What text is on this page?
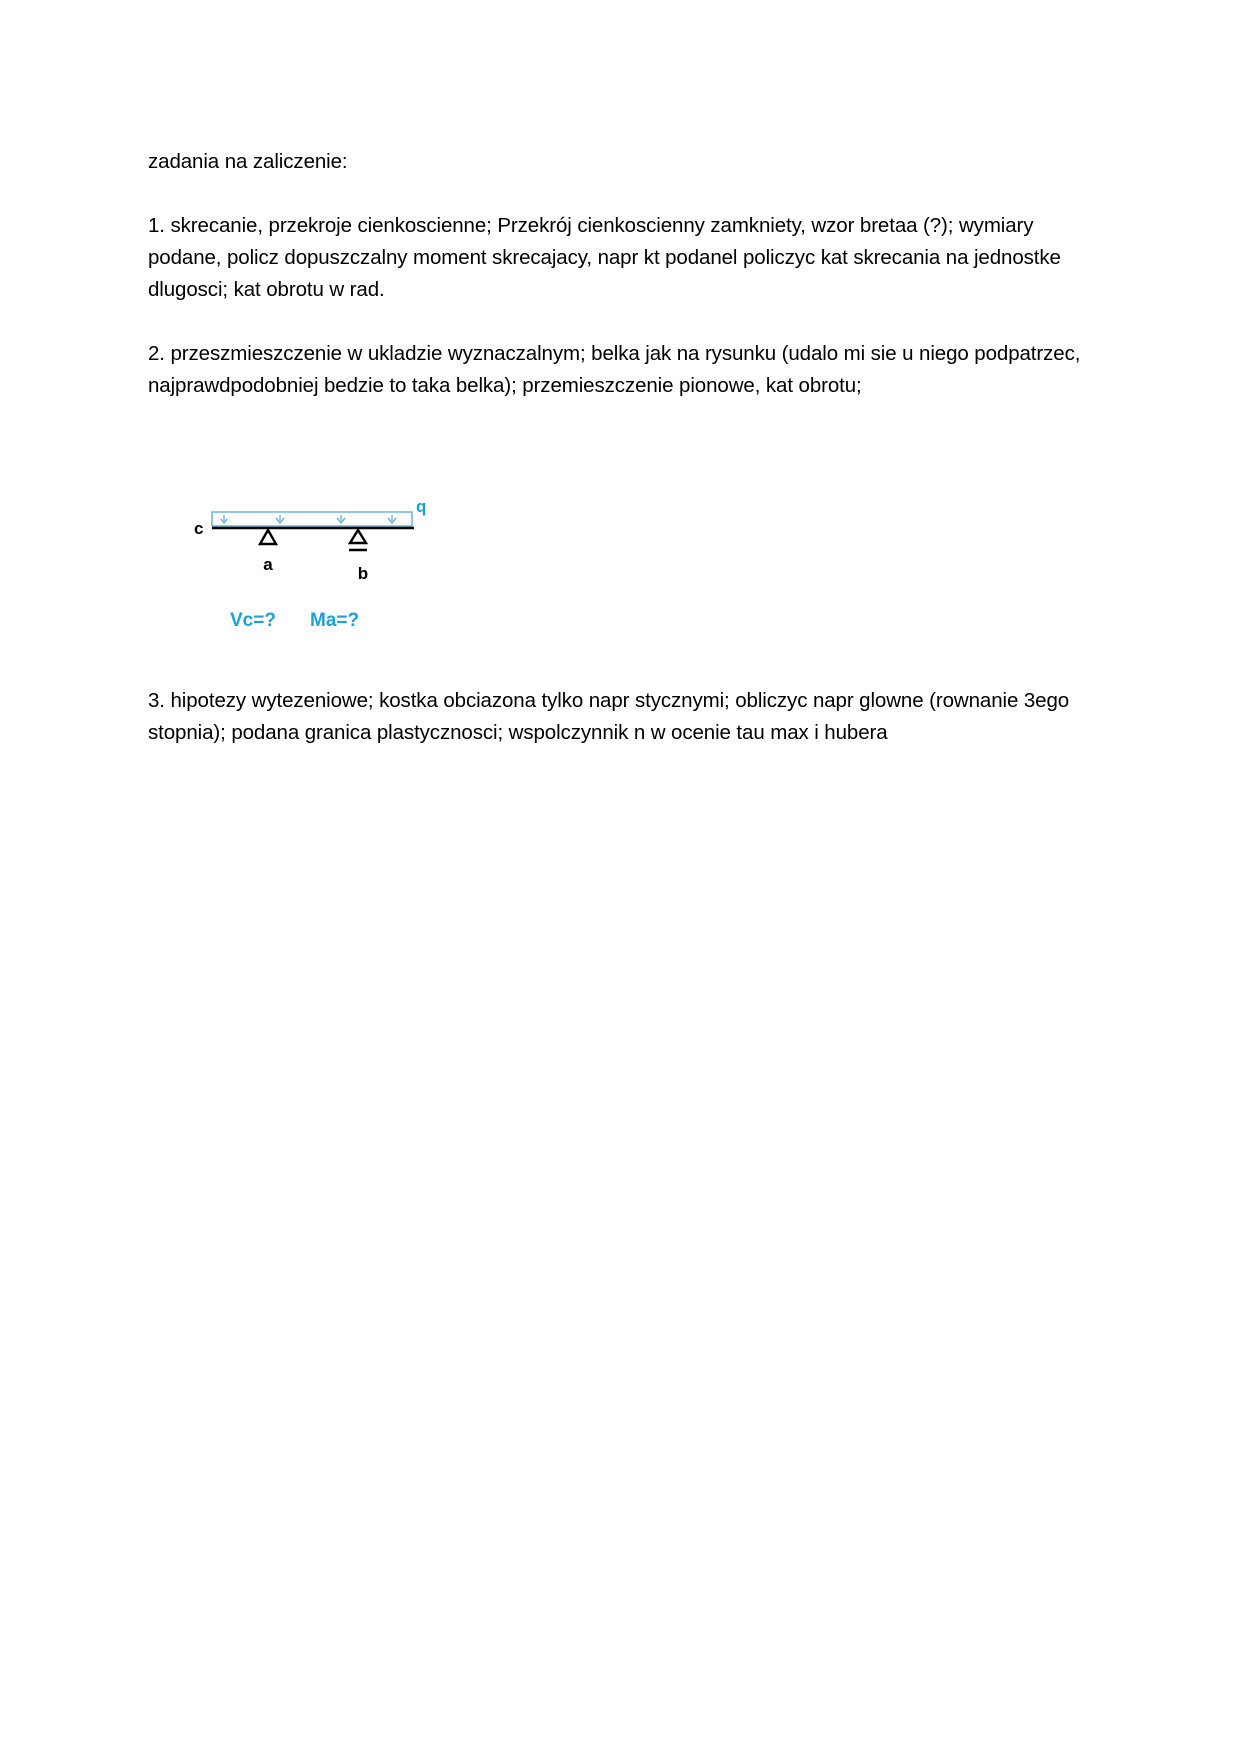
zadania na zaliczenie:

1. skrecanie, przekroje cienkoscienne; Przekrój cienkoscienny zamkniety, wzor bretaa (?); wymiary podane, policz dopuszczalny moment skrecajacy, napr kt podanel policzyc kat skrecania na jednostke dlugosci; kat obrotu w rad.

2. przeszmieszczenie w ukladzie wyznaczalnym; belka jak na rysunku (udalo mi sie u niego podpatrzec, najprawdpodobniej bedzie to taka belka); przemieszczenie pionowe, kat obrotu;

q
c
a	b
Vc=? Ma=?

3. hipotezy wytezeniowe; kostka obciazona tylko napr stycznymi; obliczyc napr glowne (rownanie 3ego stopnia); podana granica plastycznosci; wspolczynnik n w ocenie tau max i hubera
